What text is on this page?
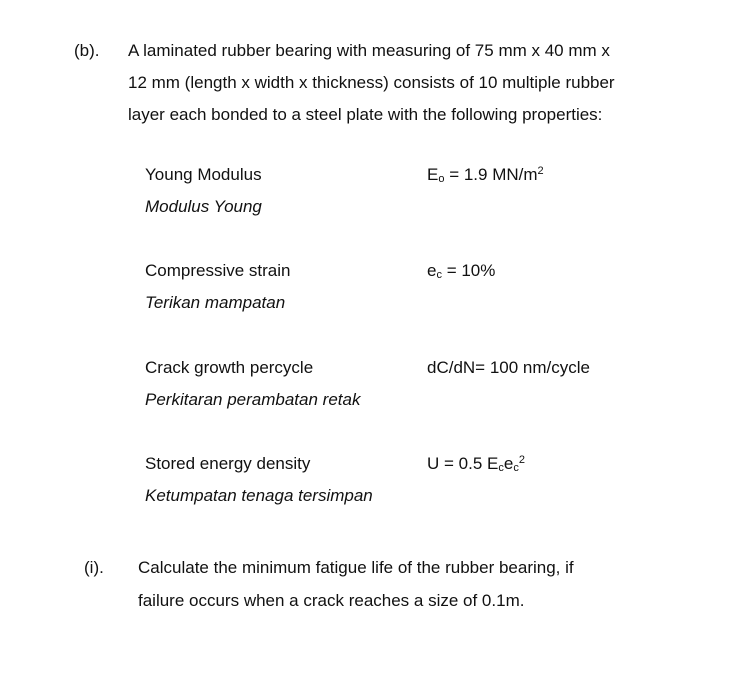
(b). A laminated rubber bearing with measuring of 75 mm x 40 mm x
12 mm (length x width x thickness) consists of 10 multiple rubber
layer each bonded to a steel plate with the following properties:
Young Modulus
Modulus Young
$E_o = 1.9$ $MN/m^2$
Compressive strain
Terikan mampatan
$e_c = 10\%$
Crack growth percycle
Perkitaran perambatan retak
dC/dN= 100 nm/cycle
Stored energy density
Ketumpatan tenaga tersimpan
U = 0.5 $E_ce_c^2$
(i). Calculate the minimum fatigue life of the rubber bearing, if
failure occurs when a crack reaches a size of 0.1m.
